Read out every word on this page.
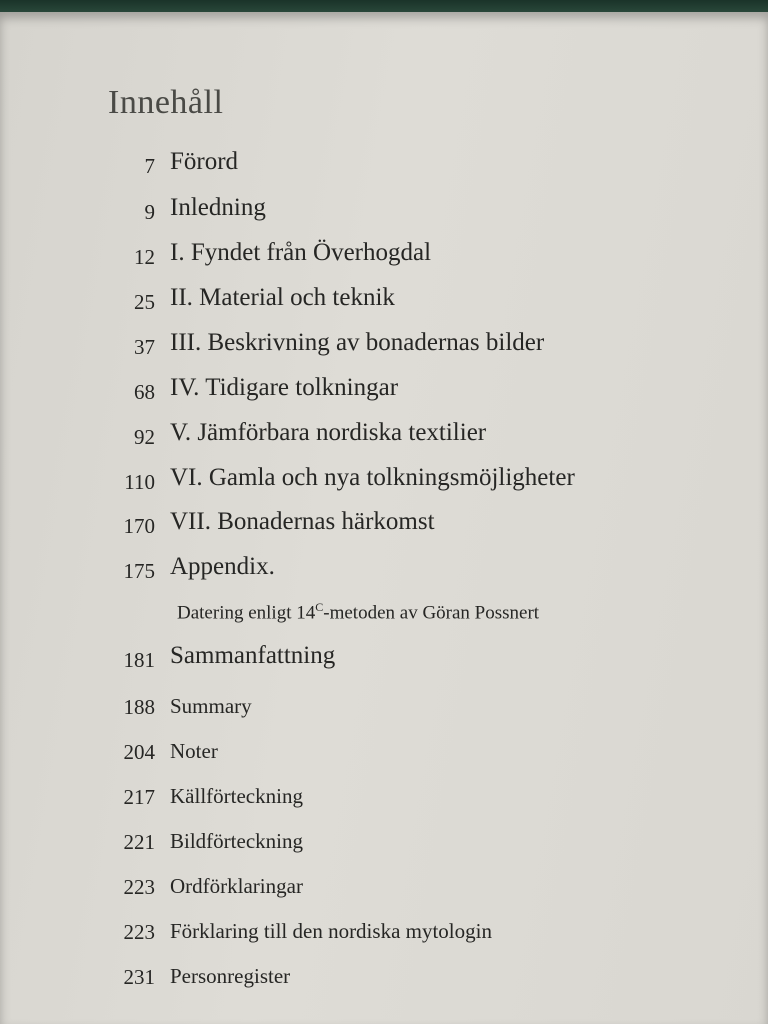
Innehåll
7 Förord
9 Inledning
12 I. Fyndet från Överhogdal
25 II. Material och teknik
37 III. Beskrivning av bonadernas bilder
68 IV. Tidigare tolkningar
92 V. Jämförbara nordiska textilier
110 VI. Gamla och nya tolkningsmöjligheter
170 VII. Bonadernas härkomst
175 Appendix.
Datering enligt $14^C$-metoden av Göran Possnert
181 Sammanfattning
188 Summary
204 Noter
217 Källförteckning
221 Bildförteckning
223 Ordförklaringar
223 Förklaring till den nordiska mytologin
231 Personregister
